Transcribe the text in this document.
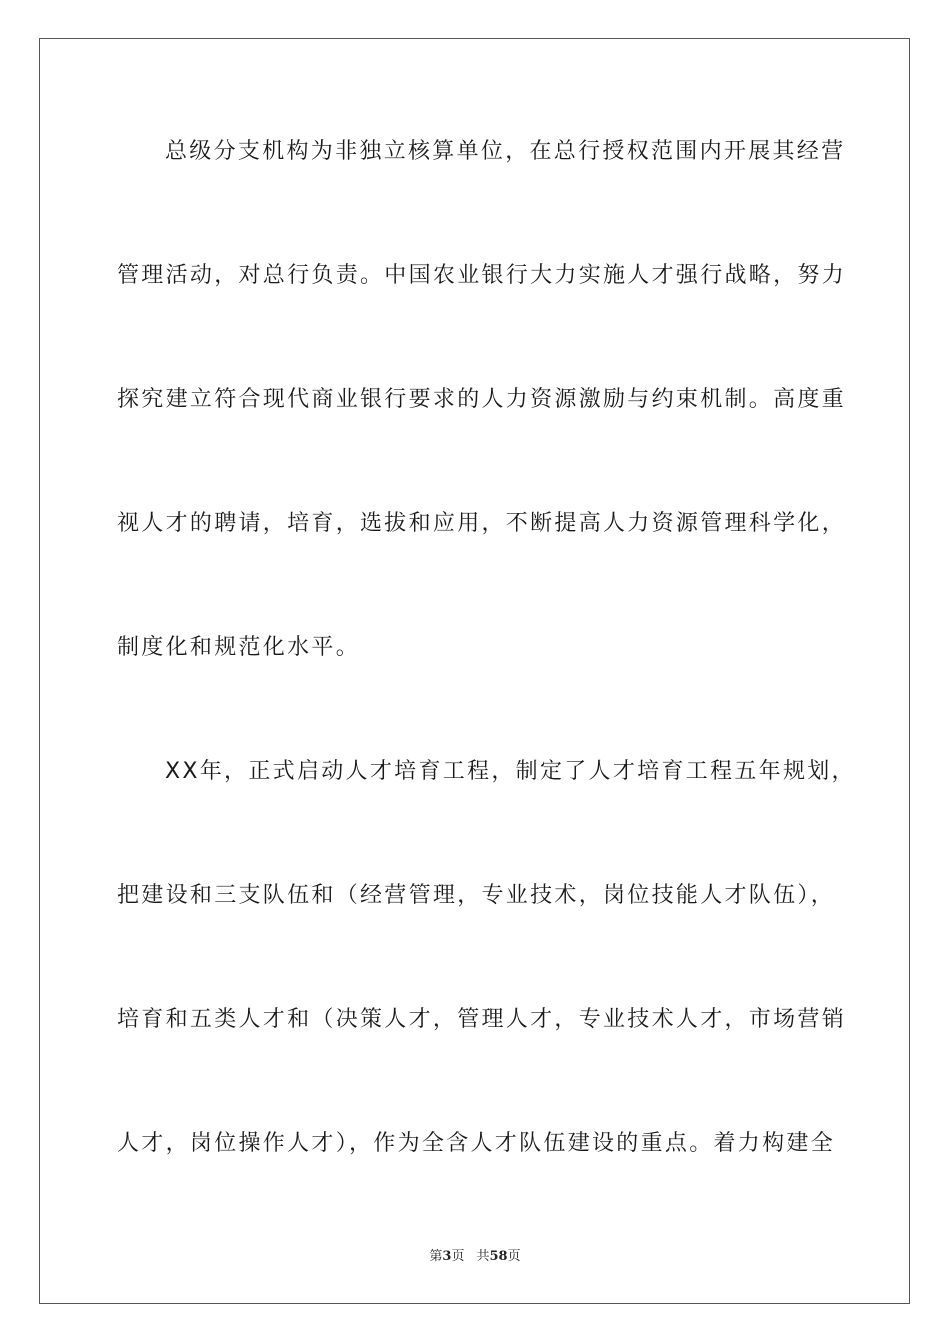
总级分支机构为非独立核算单位，在总行授权范围内开展其经营
管理活动，对总行负责。中国农业银行大力实施人才强行战略，努力
探究建立符合现代商业银行要求的人力资源激励与约束机制。高度重
视人才的聘请，培育，选拔和应用，不断提高人力资源管理科学化，
制度化和规范化水平。
XX年，正式启动人才培育工程，制定了人才培育工程五年规划，
把建设和三支队伍和（经营管理，专业技术，岗位技能人才队伍），
培育和五类人才和（决策人才，管理人才，专业技术人才，市场营销
人才，岗位操作人才），作为全含人才队伍建设的重点。着力构建全
第3页 共58页
